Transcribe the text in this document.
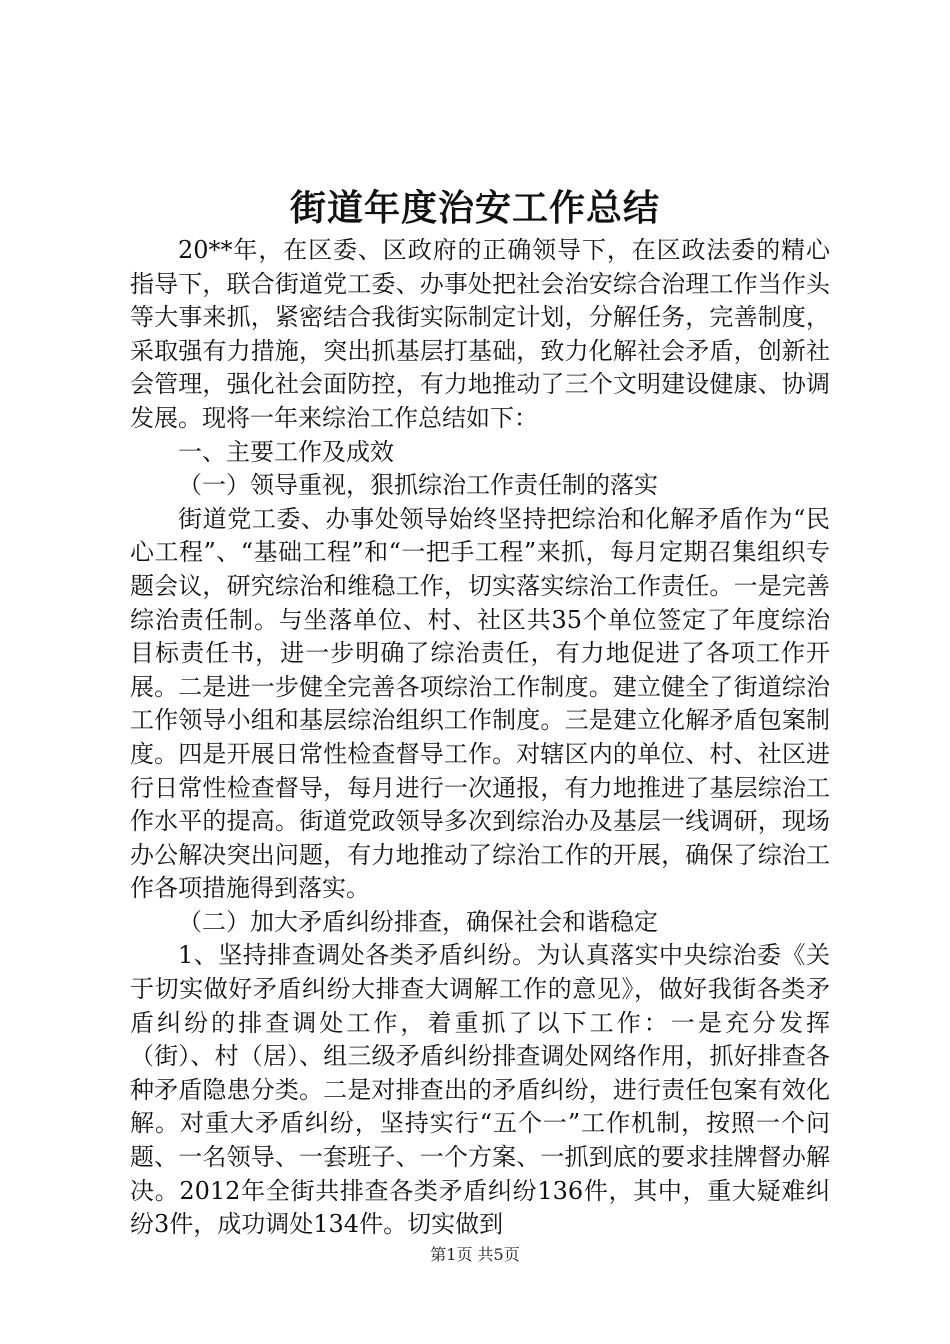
街道年度治安工作总结

20**年，在区委、区政府的正确领导下，在区政法委的精心指导下，联合街道党工委、办事处把社会治安综合治理工作当作头等大事来抓，紧密结合我街实际制定计划，分解任务，完善制度，采取强有力措施，突出抓基层打基础，致力化解社会矛盾，创新社会管理，强化社会面防控，有力地推动了三个文明建设健康、协调发展。现将一年来综治工作总结如下：

一、主要工作及成效

（一）领导重视，狠抓综治工作责任制的落实

街道党工委、办事处领导始终坚持把综治和化解矛盾作为“民心工程”、“基础工程”和“一把手工程”来抓，每月定期召集组织专题会议，研究综治和维稳工作，切实落实综治工作责任。一是完善综治责任制。与坐落单位、村、社区共35个单位签定了年度综治目标责任书，进一步明确了综治责任，有力地促进了各项工作开展。二是进一步健全完善各项综治工作制度。建立健全了街道综治工作领导小组和基层综治组织工作制度。三是建立化解矛盾包案制度。四是开展日常性检查督导工作。对辖区内的单位、村、社区进行日常性检查督导，每月进行一次通报，有力地推进了基层综治工作水平的提高。街道党政领导多次到综治办及基层一线调研，现场办公解决突出问题，有力地推动了综治工作的开展，确保了综治工作各项措施得到落实。

（二）加大矛盾纠纷排查，确保社会和谐稳定

1、坚持排查调处各类矛盾纠纷。为认真落实中央综治委《关于切实做好矛盾纠纷大排查大调解工作的意见》，做好我街各类矛盾纠纷的排查调处工作，着重抓了以下工作：一是充分发挥（街）、村（居）、组三级矛盾纠纷排查调处网络作用，抓好排查各种矛盾隐患分类。二是对排查出的矛盾纠纷，进行责任包案有效化解。对重大矛盾纠纷，坚持实行“五个一”工作机制，按照一个问题、一名领导、一套班子、一个方案、一抓到底的要求挂牌督办解决。2012年全街共排查各类矛盾纠纷136件，其中，重大疑难纠纷3件，成功调处134件。切实做到

第1页 共5页
